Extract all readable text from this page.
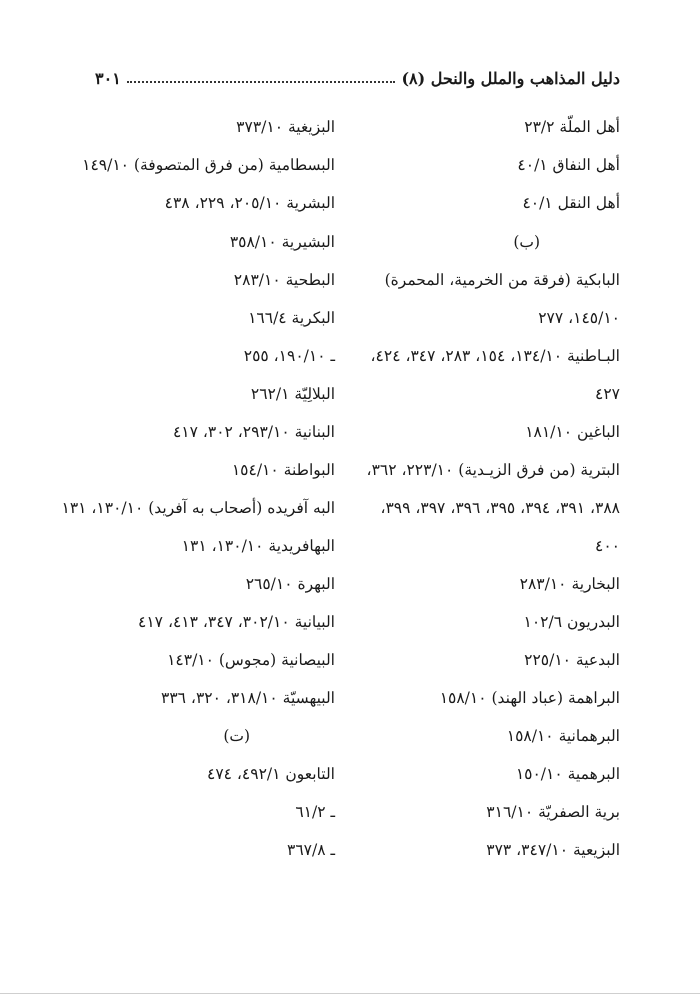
دليل المذاهب والملل والنحل (٨)
٣٠١
أهل الملّة ٢٣/٢
أهل النفاق ٤٠/١
أهل النقل ٤٠/١
(ب)
البابكية (فرقة من الخرمية، المحمرة)
١٤٥/١٠، ٢٧٧
البـاطنية ١٣٤/١٠، ١٥٤، ٢٨٣، ٣٤٧، ٤٢٤،
٤٢٧
الباغين ١٨١/١٠
البترية (من فرق الزيـدية) ٢٢٣/١٠، ٣٦٢،
٣٨٨، ٣٩١، ٣٩٤، ٣٩٥، ٣٩٦، ٣٩٧، ٣٩٩،
٤٠٠
البخارية ٢٨٣/١٠
البدريون ١٠٢/٦
البدعية ٢٢٥/١٠
البراهمة (عباد الهند) ١٥٨/١٠
البرهمانية ١٥٨/١٠
البرهمية ١٥٠/١٠
برية الصفريّة ٣١٦/١٠
البزيعية ٣٤٧/١٠، ٣٧٣
البزيغية ٣٧٣/١٠
البسطامية (من فرق المتصوفة) ١٤٩/١٠
البشرية ٢٠٥/١٠، ٢٢٩، ٤٣٨
البشيرية ٣٥٨/١٠
البطحية ٢٨٣/١٠
البكرية ١٦٦/٤
ـ ١٩٠/١٠، ٢٥٥
البلالِيّة ٢٦٢/١
البنانية ٢٩٣/١٠، ٣٠٢، ٤١٧
البواطنة ١٥٤/١٠
البه آفريده (أصحاب به آفريد) ١٣٠/١٠، ١٣١
البهافريدية ١٣٠/١٠، ١٣١
البهرة ٢٦٥/١٠
البيانية ٣٠٢/١٠، ٣٤٧، ٤١٣، ٤١٧
البيصانية (مجوس) ١٤٣/١٠
البيهسيّة ٣١٨/١٠، ٣٢٠، ٣٣٦
(ت)
التابعون ٤٩٢/١، ٤٧٤
ـ ٦١/٢
ـ ٣٦٧/٨
